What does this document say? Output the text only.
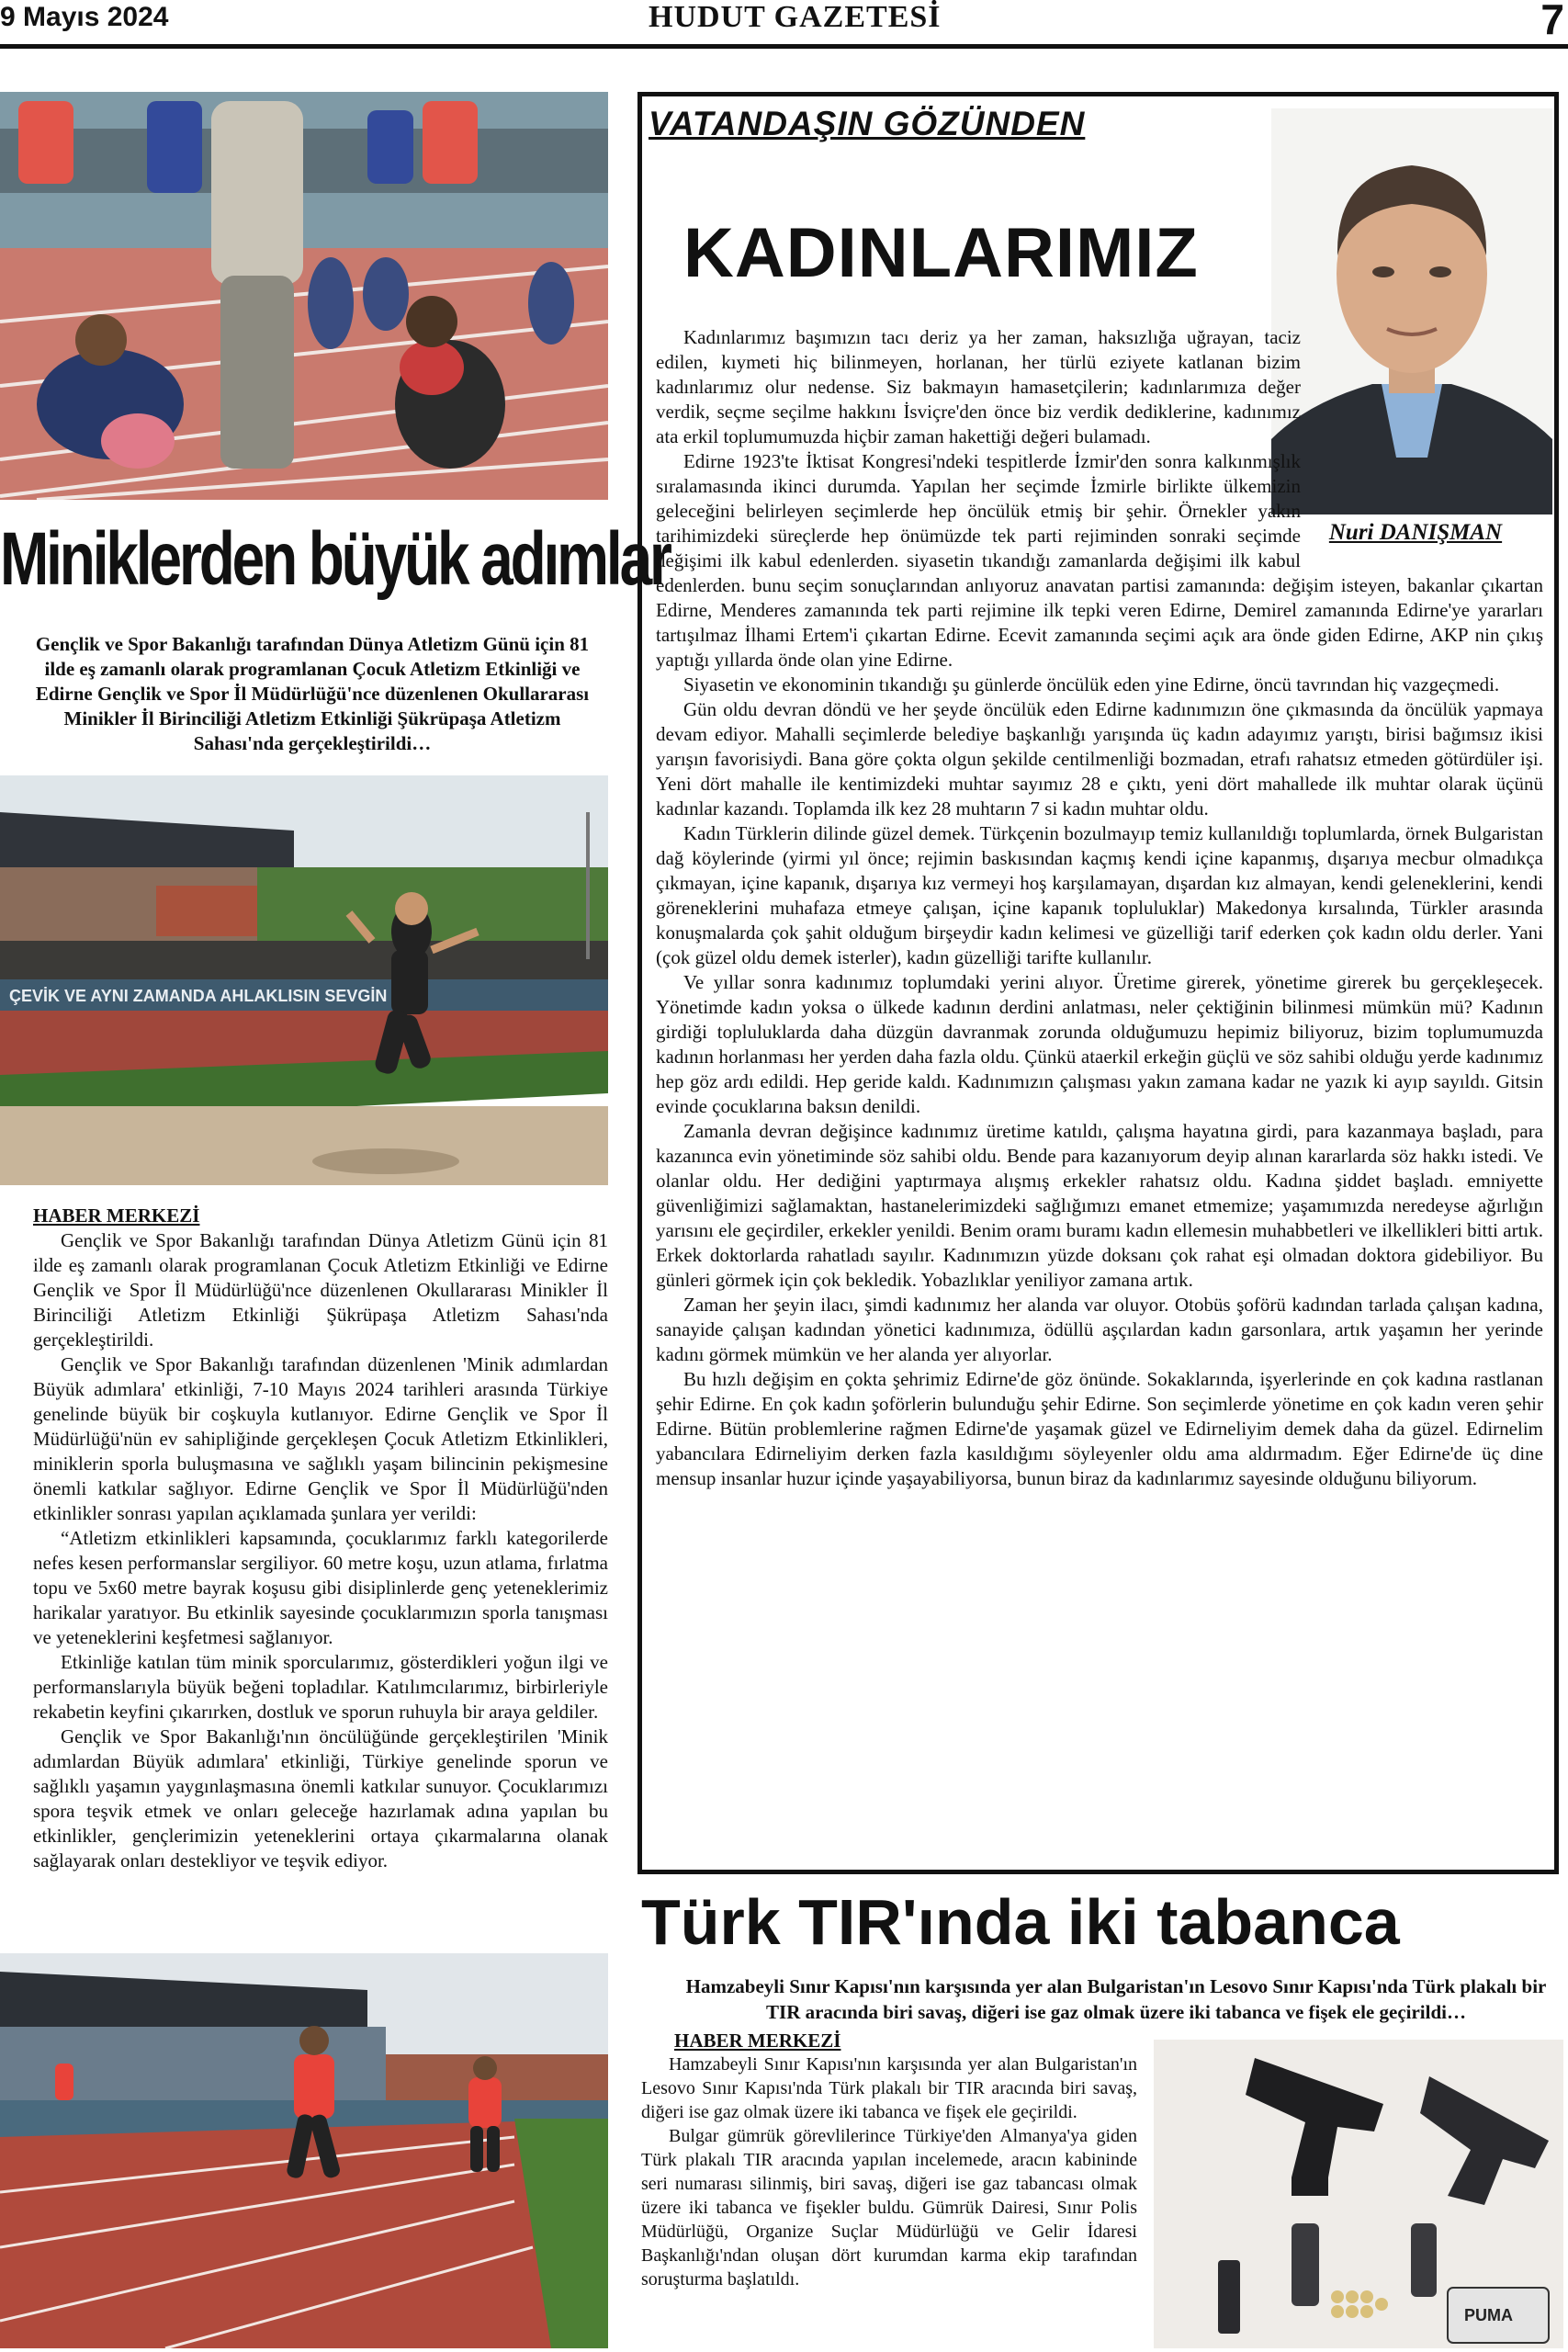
9 Mayıs 2024	HUDUT GAZETESİ	7
Miniklerden büyük adımlar
Gençlik ve Spor Bakanlığı tarafından Dünya Atletizm Günü için 81 ilde eş zamanlı olarak programlanan Çocuk Atletizm Etkinliği ve Edirne Gençlik ve Spor İl Müdürlüğü'nce düzenlenen Okullararası Minikler İl Birinciliği Atletizm Etkinliği Şükrüpaşa Atletizm Sahası'nda gerçekleştirildi…
ÇEVİK VE AYNI ZAMANDA AHLAKLISIN SEVGİN
HABER MERKEZİ

Gençlik ve Spor Bakanlığı tarafından Dünya Atletizm Günü için 81 ilde eş zamanlı olarak programlanan Çocuk Atletizm Etkinliği ve Edirne Gençlik ve Spor İl Müdürlüğü'nce düzenlenen Okullararası Minikler İl Birinciliği Atletizm Etkinliği Şükrüpaşa Atletizm Sahası'nda gerçekleştirildi.

Gençlik ve Spor Bakanlığı tarafından düzenlenen 'Minik adımlardan Büyük adımlara' etkinliği, 7-10 Mayıs 2024 tarihleri arasında Türkiye genelinde büyük bir coşkuyla kutlanıyor. Edirne Gençlik ve Spor İl Müdürlüğü'nün ev sahipliğinde gerçekleşen Çocuk Atletizm Etkinlikleri, miniklerin sporla buluşmasına ve sağlıklı yaşam bilincinin pekişmesine önemli katkılar sağlıyor. Edirne Gençlik ve Spor İl Müdürlüğü'nden etkinlikler sonrası yapılan açıklamada şunlara yer verildi:

“Atletizm etkinlikleri kapsamında, çocuklarımız farklı kategorilerde nefes kesen performanslar sergiliyor. 60 metre koşu, uzun atlama, fırlatma topu ve 5x60 metre bayrak koşusu gibi disiplinlerde genç yeteneklerimiz harikalar yaratıyor. Bu etkinlik sayesinde çocuklarımızın sporla tanışması ve yeteneklerini keşfetmesi sağlanıyor.

Etkinliğe katılan tüm minik sporcularımız, gösterdikleri yoğun ilgi ve performanslarıyla büyük beğeni topladılar. Katılımcılarımız, birbirleriyle rekabetin keyfini çıkarırken, dostluk ve sporun ruhuyla bir araya geldiler.

Gençlik ve Spor Bakanlığı'nın öncülüğünde gerçekleştirilen 'Minik adımlardan Büyük adımlara' etkinliği, Türkiye genelinde sporun ve sağlıklı yaşamın yaygınlaşmasına önemli katkılar sunuyor. Çocuklarımızı spora teşvik etmek ve onları geleceğe hazırlamak adına yapılan bu etkinlikler, gençlerimizin yeteneklerini ortaya çıkarmalarına olanak sağlayarak onları destekliyor ve teşvik ediyor.

VATANDAŞIN GÖZÜNDEN
KADINLARIMIZ
Nuri DANIŞMAN

Kadınlarımız başımızın tacı deriz ya her zaman, haksızlığa uğrayan, taciz edilen, kıymeti hiç bilinmeyen, horlanan, her türlü eziyete katlanan bizim kadınlarımız olur nedense. Siz bakmayın hamasetçilerin; kadınlarımıza değer verdik, seçme seçilme hakkını İsviçre'den önce biz verdik dediklerine, kadınımız ata erkil toplumumuzda hiçbir zaman hakettiği değeri bulamadı.

Edirne 1923'te İktisat Kongresi'ndeki tespitlerde İzmir'den sonra kalkınmışlık sıralamasında ikinci durumda. Yapılan her seçimde İzmirle birlikte ülkemizin geleceğini belirleyen seçimlerde hep öncülük etmiş bir şehir. Örnekler yakın tarihimizdeki süreçlerde hep önümüzde tek parti rejiminden sonraki seçimde değişimi ilk kabul edenlerden. siyasetin tıkandığı zamanlarda değişimi ilk kabul edenlerden. bunu seçim sonuçlarından anlıyoruz anavatan partisi zamanında: değişim isteyen, bakanlar çıkartan Edirne, Menderes zamanında tek parti rejimine ilk tepki veren Edirne, Demirel zamanında Edirne'ye yararları tartışılmaz İlhami Ertem'i çıkartan Edirne. Ecevit zamanında seçimi açık ara önde giden Edirne, AKP nin çıkış yaptığı yıllarda önde olan yine Edirne.

Siyasetin ve ekonominin tıkandığı şu günlerde öncülük eden yine Edirne, öncü tavrından hiç vazgeçmedi.

Gün oldu devran döndü ve her şeyde öncülük eden Edirne kadınımızın öne çıkmasında da öncülük yapmaya devam ediyor. Mahalli seçimlerde belediye başkanlığı yarışında üç kadın adayımız yarıştı, birisi bağımsız ikisi yarışın favorisiydi. Bana göre çokta olgun şekilde centilmenliği bozmadan, etrafı rahatsız etmeden götürdüler işi. Yeni dört mahalle ile kentimizdeki muhtar sayımız 28 e çıktı, yeni dört mahallede ilk muhtar olarak üçünü kadınlar kazandı. Toplamda ilk kez 28 muhtarın 7 si kadın muhtar oldu.

Kadın Türklerin dilinde güzel demek. Türkçenin bozulmayıp temiz kullanıldığı toplumlarda, örnek Bulgaristan dağ köylerinde (yirmi yıl önce; rejimin baskısından kaçmış kendi içine kapanmış, dışarıya mecbur olmadıkça çıkmayan, içine kapanık, dışarıya kız vermeyi hoş karşılamayan, dışardan kız almayan, kendi geleneklerini, kendi göreneklerini muhafaza etmeye çalışan, içine kapanık topluluklar) Makedonya kırsalında, Türkler arasında konuşmalarda çok şahit olduğum birşeydir kadın kelimesi ve güzelliği tarif ederken çok kadın oldu derler. Yani (çok güzel oldu demek isterler), kadın güzelliği tarifte kullanılır.

Ve yıllar sonra kadınımız toplumdaki yerini alıyor. Üretime girerek, yönetime girerek bu gerçekleşecek. Yönetimde kadın yoksa o ülkede kadının derdini anlatması, neler çektiğinin bilinmesi mümkün mü? Kadının girdiği topluluklarda daha düzgün davranmak zorunda olduğumuzu hepimiz biliyoruz, bizim toplumumuzda kadının horlanması her yerden daha fazla oldu. Çünkü ataerkil erkeğin güçlü ve söz sahibi olduğu yerde kadınımız hep göz ardı edildi. Hep geride kaldı. Kadınımızın çalışması yakın zamana kadar ne yazık ki ayıp sayıldı. Gitsin evinde çocuklarına baksın denildi.

Zamanla devran değişince kadınımız üretime katıldı, çalışma hayatına girdi, para kazanmaya başladı, para kazanınca evin yönetiminde söz sahibi oldu. Bende para kazanıyorum deyip alınan kararlarda söz hakkı istedi. Ve olanlar oldu. Her dediğini yaptırmaya alışmış erkekler rahatsız oldu. Kadına şiddet başladı. emniyette güvenliğimizi sağlamaktan, hastanelerimizdeki sağlığımızı emanet etmemize; yaşamımızda neredeyse ağırlığın yarısını ele geçirdiler, erkekler yenildi. Benim oramı buramı kadın ellemesin muhabbetleri ve ilkellikleri bitti artık. Erkek doktorlarda rahatladı sayılır. Kadınımızın yüzde doksanı çok rahat eşi olmadan doktora gidebiliyor. Bu günleri görmek için çok bekledik. Yobazlıklar yeniliyor zamana artık.

Zaman her şeyin ilacı, şimdi kadınımız her alanda var oluyor. Otobüs şoförü kadından tarlada çalışan kadına, sanayide çalışan kadından yönetici kadınımıza, ödüllü aşçılardan kadın garsonlara, artık yaşamın her yerinde kadını görmek mümkün ve her alanda yer alıyorlar.

Bu hızlı değişim en çokta şehrimiz Edirne'de göz önünde. Sokaklarında, işyerlerinde en çok kadına rastlanan şehir Edirne. En çok kadın şoförlerin bulunduğu şehir Edirne. Son seçimlerde yönetime en çok kadın veren şehir Edirne. Bütün problemlerine rağmen Edirne'de yaşamak güzel ve Edirneliyim demek daha da güzel. Edirnelim yabancılara Edirneliyim derken fazla kasıldığımı söyleyenler oldu ama aldırmadım. Eğer Edirne'de üç dine mensup insanlar huzur içinde yaşayabiliyorsa, bunun biraz da kadınlarımız sayesinde olduğunu biliyorum.

Türk TIR'ında iki tabanca
Hamzabeyli Sınır Kapısı'nın karşısında yer alan Bulgaristan'ın Lesovo Sınır Kapısı'nda Türk plakalı bir TIR aracında biri savaş, diğeri ise gaz olmak üzere iki tabanca ve fişek ele geçirildi…
HABER MERKEZİ

Hamzabeyli Sınır Kapısı'nın karşısında yer alan Bulgaristan'ın Lesovo Sınır Kapısı'nda Türk plakalı bir TIR aracında biri savaş, diğeri ise gaz olmak üzere iki tabanca ve fişek ele geçirildi.

Bulgar gümrük görevlilerince Türkiye'den Almanya'ya giden Türk plakalı TIR aracında yapılan incelemede, aracın kabininde seri numarası silinmiş, biri savaş, diğeri ise gaz tabancası olmak üzere iki tabanca ve fişekler buldu. Gümrük Dairesi, Sınır Polis Müdürlüğü, Organize Suçlar Müdürlüğü ve Gelir İdaresi Başkanlığı'ndan oluşan dört kurumdan karma ekip tarafından soruşturma başlatıldı.

PUMA
